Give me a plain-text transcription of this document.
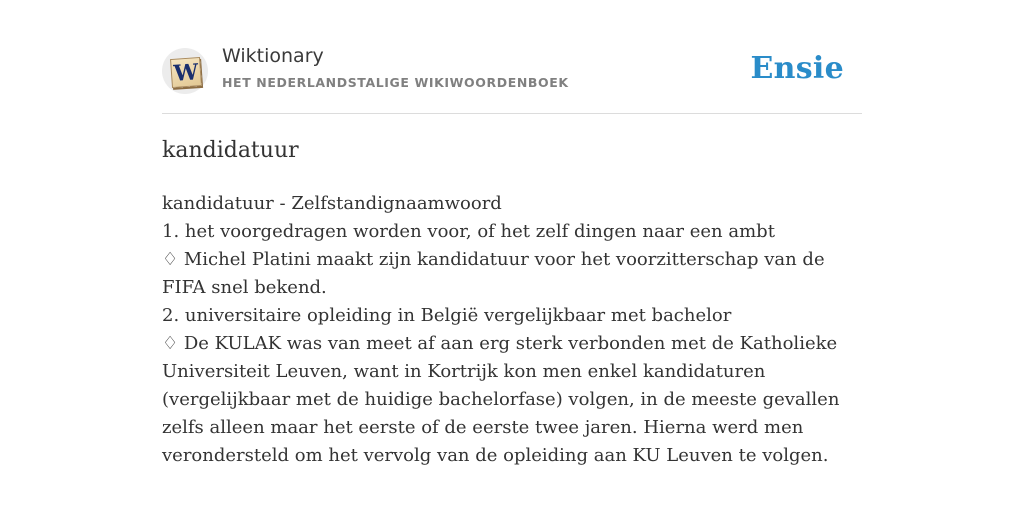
W
Wiktionary
HET NEDERLANDSTALIGE WIKIWOORDENBOEK	Ensie
kandidatuur

kandidatuur - Zelfstandignaamwoord

1. het voorgedragen worden voor, of het zelf dingen naar een ambt

♢ Michel Platini maakt zijn kandidatuur voor het voorzitterschap van de FIFA snel bekend.

2. universitaire opleiding in België vergelijkbaar met bachelor

♢ De KULAK was van meet af aan erg sterk verbonden met de Katholieke Universiteit Leuven, want in Kortrijk kon men enkel kandidaturen (vergelijkbaar met de huidige bachelorfase) volgen, in de meeste gevallen zelfs alleen maar het eerste of de eerste twee jaren. Hierna werd men verondersteld om het vervolg van de opleiding aan KU Leuven te volgen.
